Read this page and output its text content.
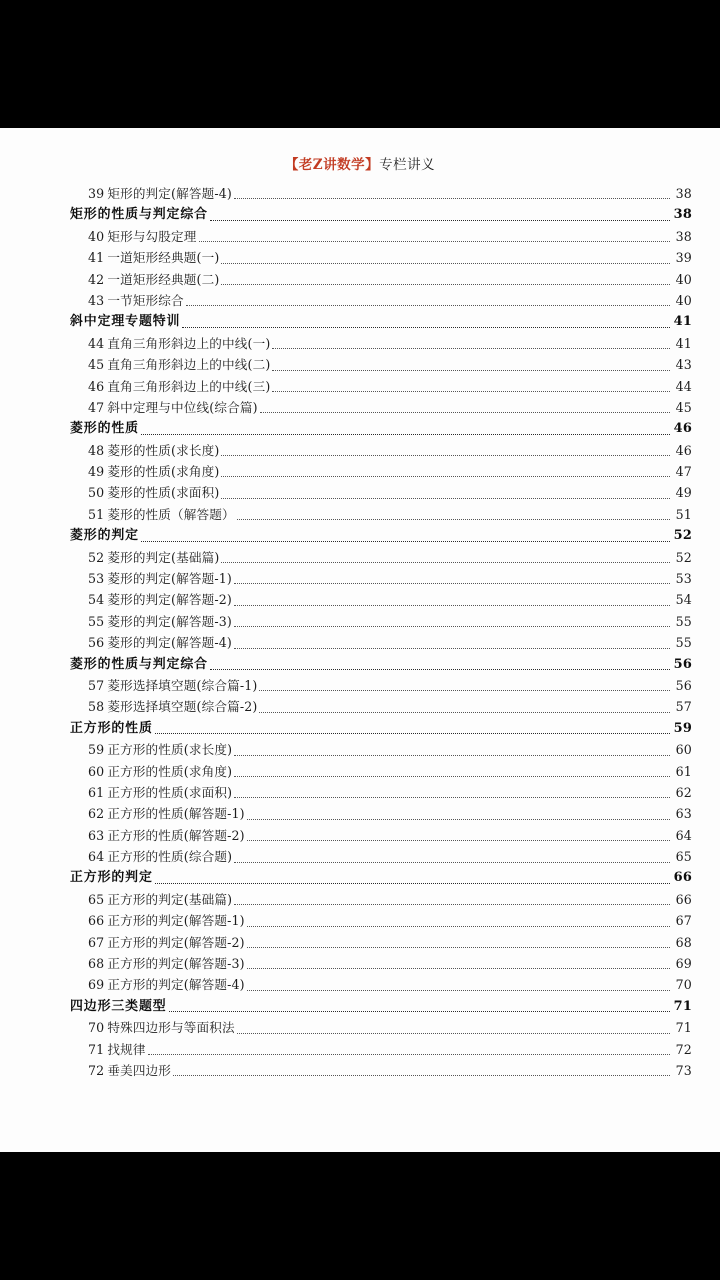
【老Z讲数学】专栏讲义
39 矩形的判定(解答题-4)	38
矩形的性质与判定综合	38
40 矩形与勾股定理	38
41 一道矩形经典题(一)	39
42 一道矩形经典题(二)	40
43 一节矩形综合	40
斜中定理专题特训	41
44 直角三角形斜边上的中线(一)	41
45 直角三角形斜边上的中线(二)	43
46 直角三角形斜边上的中线(三)	44
47 斜中定理与中位线(综合篇)	45
菱形的性质	46
48 菱形的性质(求长度)	46
49 菱形的性质(求角度)	47
50 菱形的性质(求面积)	49
51 菱形的性质（解答题）	51
菱形的判定	52
52 菱形的判定(基础篇)	52
53 菱形的判定(解答题-1)	53
54 菱形的判定(解答题-2)	54
55 菱形的判定(解答题-3)	55
56 菱形的判定(解答题-4)	55
菱形的性质与判定综合	56
57 菱形选择填空题(综合篇-1)	56
58 菱形选择填空题(综合篇-2)	57
正方形的性质	59
59 正方形的性质(求长度)	60
60 正方形的性质(求角度)	61
61 正方形的性质(求面积)	62
62 正方形的性质(解答题-1)	63
63 正方形的性质(解答题-2)	64
64 正方形的性质(综合题)	65
正方形的判定	66
65 正方形的判定(基础篇)	66
66 正方形的判定(解答题-1)	67
67 正方形的判定(解答题-2)	68
68 正方形的判定(解答题-3)	69
69 正方形的判定(解答题-4)	70
四边形三类题型	71
70 特殊四边形与等面积法	71
71 找规律	72
72 垂美四边形	73
